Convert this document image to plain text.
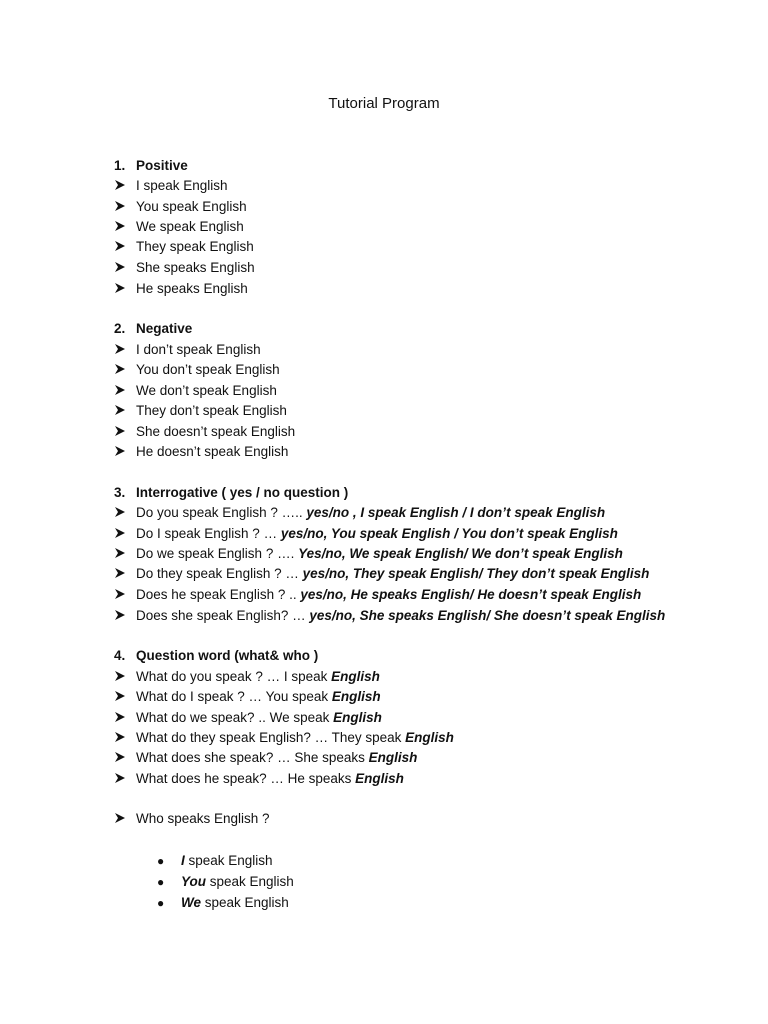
Tutorial Program
1. Positive
I speak English
You speak English
We speak English
They speak English
She speaks English
He speaks English
2. Negative
I don’t speak English
You don’t speak English
We don’t speak English
They don’t speak English
She doesn’t speak English
He doesn’t speak English
3. Interrogative ( yes / no question )
Do you speak English ? ….. yes/no , I speak English / I don’t speak English
Do I speak English ? … yes/no, You speak English / You don’t speak English
Do we speak English ? …. Yes/no, We speak English/ We don’t speak English
Do they speak English ? … yes/no, They speak English/ They don’t speak English
Does he speak English ? .. yes/no, He speaks English/ He doesn’t speak English
Does she speak English? … yes/no, She speaks English/ She doesn’t speak English
4. Question word (what& who )
What do you speak ? … I speak English
What do I speak ? … You speak English
What do we speak? .. We speak English
What do they speak English? … They speak English
What does she speak? … She speaks English
What does he speak? … He speaks English
Who speaks English ?
● I speak English
● You speak English
● We speak English
